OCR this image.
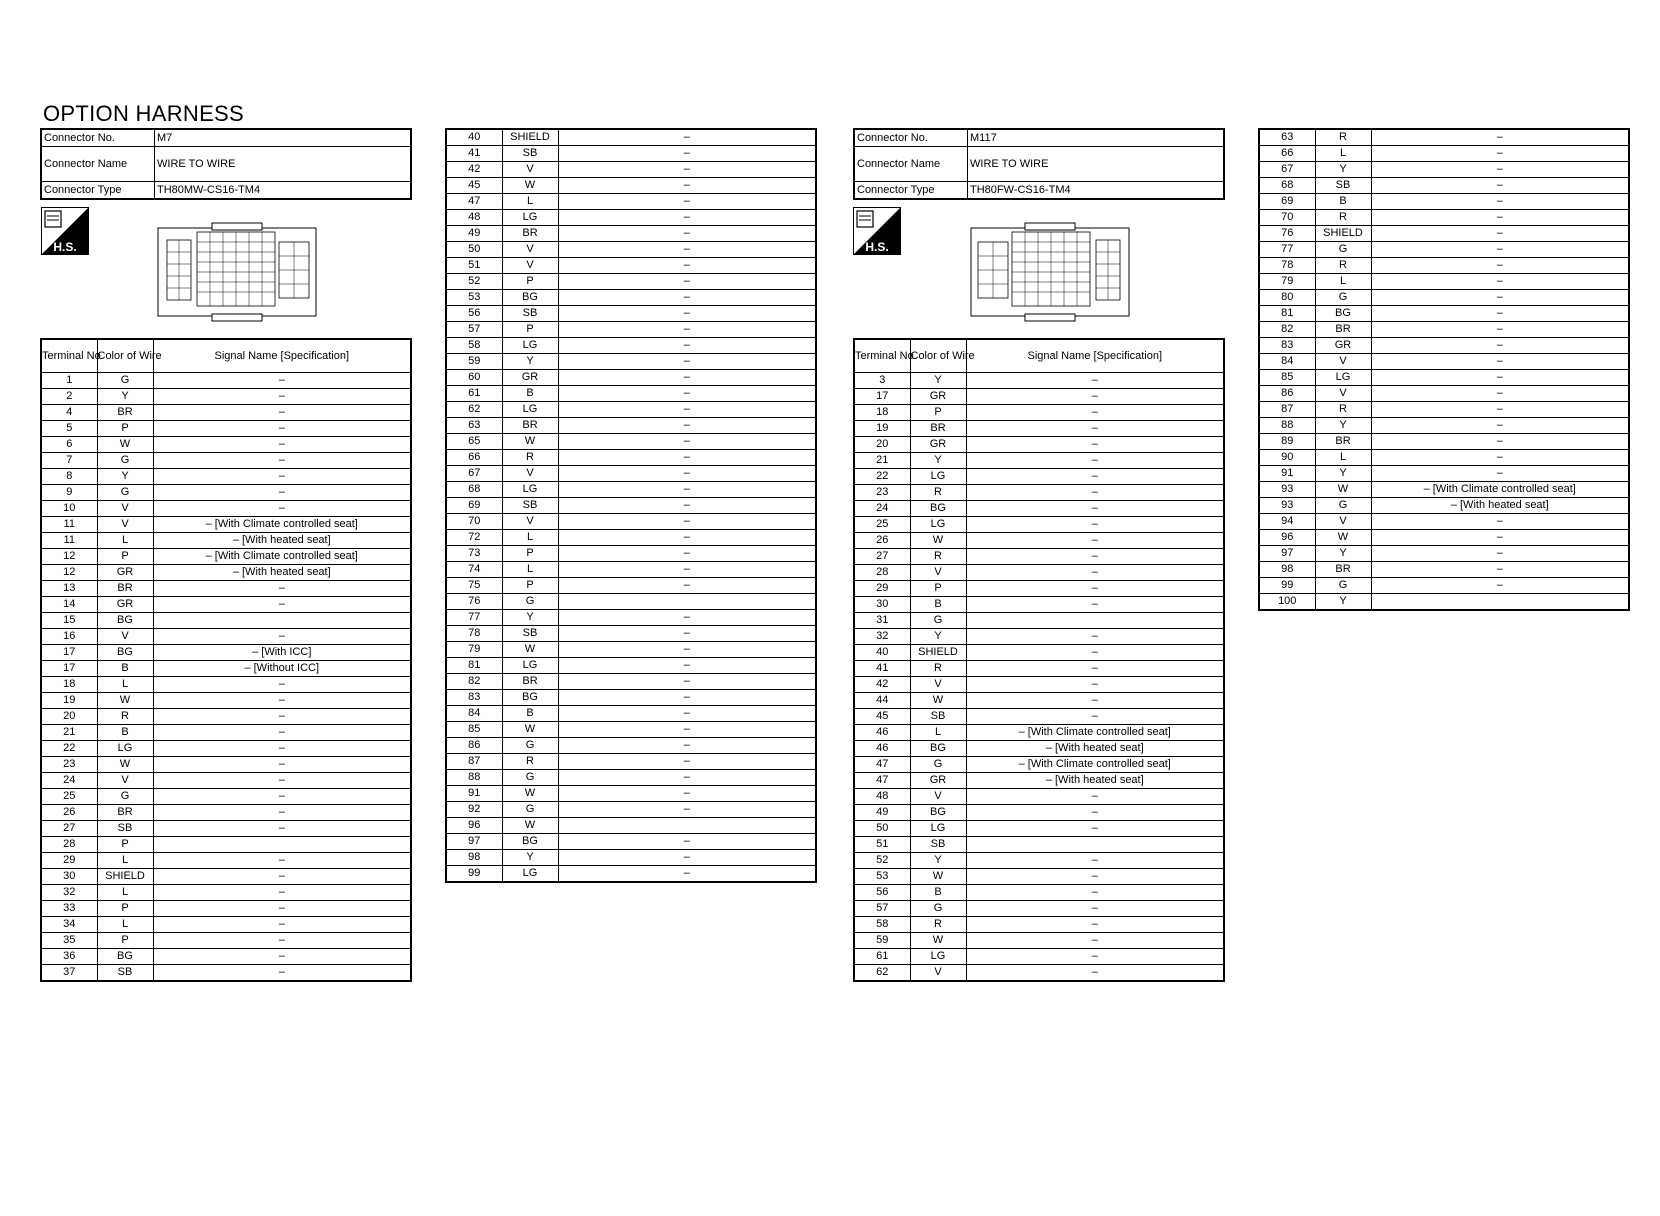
OPTION HARNESS
Connector No.	M7
Connector Name	WIRE TO WIRE
Connector Type	TH80MW-CS16-TM4
Connector No.	M117
Connector Name	WIRE TO WIRE
Connector Type	TH80FW-CS16-TM4
H.S.	H.S.
Terminal No.	Color of Wire	Signal Name [Specification]
1	G	–
2	Y	–
4	BR	–
5	P	–
6	W	–
7	G	–
8	Y	–
9	G	–
10	V	–
11	V	– [With Climate controlled seat]
11	L	– [With heated seat]
12	P	– [With Climate controlled seat]
12	GR	– [With heated seat]
13	BR	–
14	GR	–
15	BG	
16	V	–
17	BG	– [With ICC]
17	B	– [Without ICC]
18	L	–
19	W	–
20	R	–
21	B	–
22	LG	–
23	W	–
24	V	–
25	G	–
26	BR	–
27	SB	–
28	P	
29	L	–
30	SHIELD	–
32	L	–
33	P	–
34	L	–
35	P	–
36	BG	–
37	SB	–
40	SHIELD	–
41	SB	–
42	V	–
45	W	–
47	L	–
48	LG	–
49	BR	–
50	V	–
51	V	–
52	P	–
53	BG	–
56	SB	–
57	P	–
58	LG	–
59	Y	–
60	GR	–
61	B	–
62	LG	–
63	BR	–
65	W	–
66	R	–
67	V	–
68	LG	–
69	SB	–
70	V	–
72	L	–
73	P	–
74	L	–
75	P	–
76	G	
77	Y	–
78	SB	–
79	W	–
81	LG	–
82	BR	–
83	BG	–
84	B	–
85	W	–
86	G	–
87	R	–
88	G	–
91	W	–
92	G	–
96	W	
97	BG	–
98	Y	–
99	LG	–
Terminal No.	Color of Wire	Signal Name [Specification]
3	Y	–
17	GR	–
18	P	–
19	BR	–
20	GR	–
21	Y	–
22	LG	–
23	R	–
24	BG	–
25	LG	–
26	W	–
27	R	–
28	V	–
29	P	–
30	B	–
31	G	
32	Y	–
40	SHIELD	–
41	R	–
42	V	–
44	W	–
45	SB	–
46	L	– [With Climate controlled seat]
46	BG	– [With heated seat]
47	G	– [With Climate controlled seat]
47	GR	– [With heated seat]
48	V	–
49	BG	–
50	LG	–
51	SB	
52	Y	–
53	W	–
56	B	–
57	G	–
58	R	–
59	W	–
61	LG	–
62	V	–
63	R	–
66	L	–
67	Y	–
68	SB	–
69	B	–
70	R	–
76	SHIELD	–
77	G	–
78	R	–
79	L	–
80	G	–
81	BG	–
82	BR	–
83	GR	–
84	V	–
85	LG	–
86	V	–
87	R	–
88	Y	–
89	BR	–
90	L	–
91	Y	–
93	W	– [With Climate controlled seat]
93	G	– [With heated seat]
94	V	–
96	W	–
97	Y	–
98	BR	–
99	G	–
100	Y	
